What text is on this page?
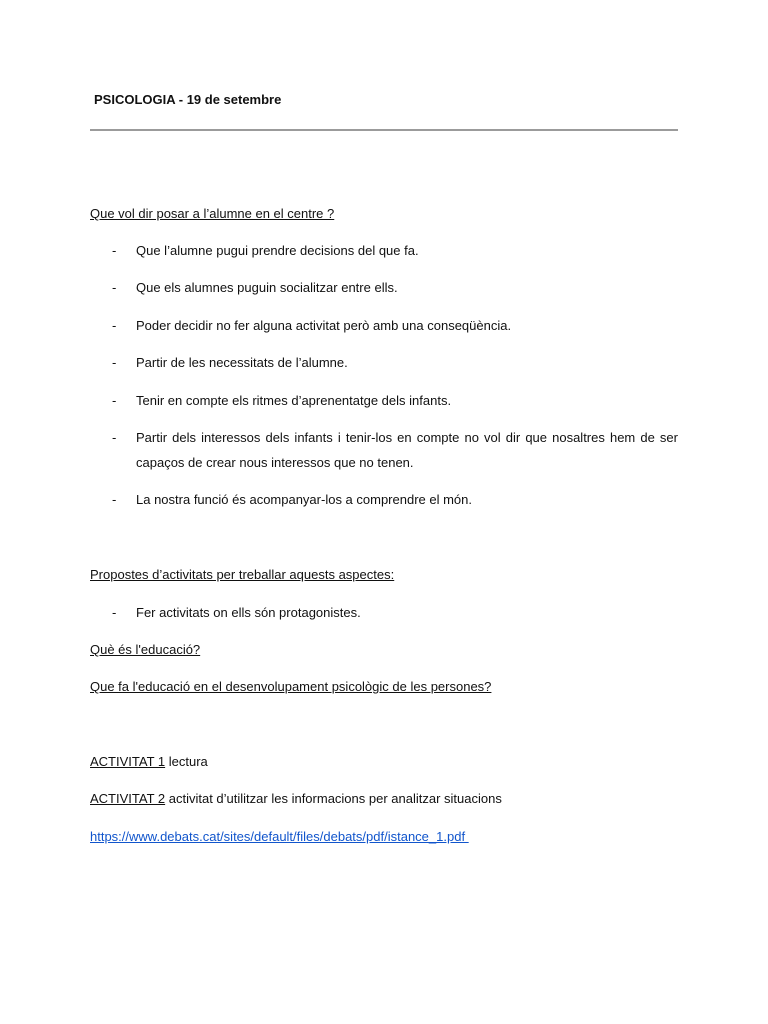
PSICOLOGIA - 19 de setembre
Que vol dir posar a l’alumne en el centre ?
- Que l’alumne pugui prendre decisions del que fa.
- Que els alumnes puguin socialitzar entre ells.
- Poder decidir no fer alguna activitat però amb una conseqüència.
- Partir de les necessitats de l’alumne.
- Tenir en compte els ritmes d’aprenentatge dels infants.
- Partir dels interessos dels infants i tenir-los en compte no vol dir que nosaltres hem de ser capaços de crear nous interessos que no tenen.
- La nostra funció és acompanyar-los a comprendre el món.
Propostes d’activitats per treballar aquests aspectes:
- Fer activitats on ells són protagonistes.
Què és l'educació?
Que fa l'educació en el desenvolupament psicològic de les persones?
ACTIVITAT 1 lectura
ACTIVITAT 2 activitat d’utilitzar les informacions per analitzar situacions
https://www.debats.cat/sites/default/files/debats/pdf/istance_1.pdf
